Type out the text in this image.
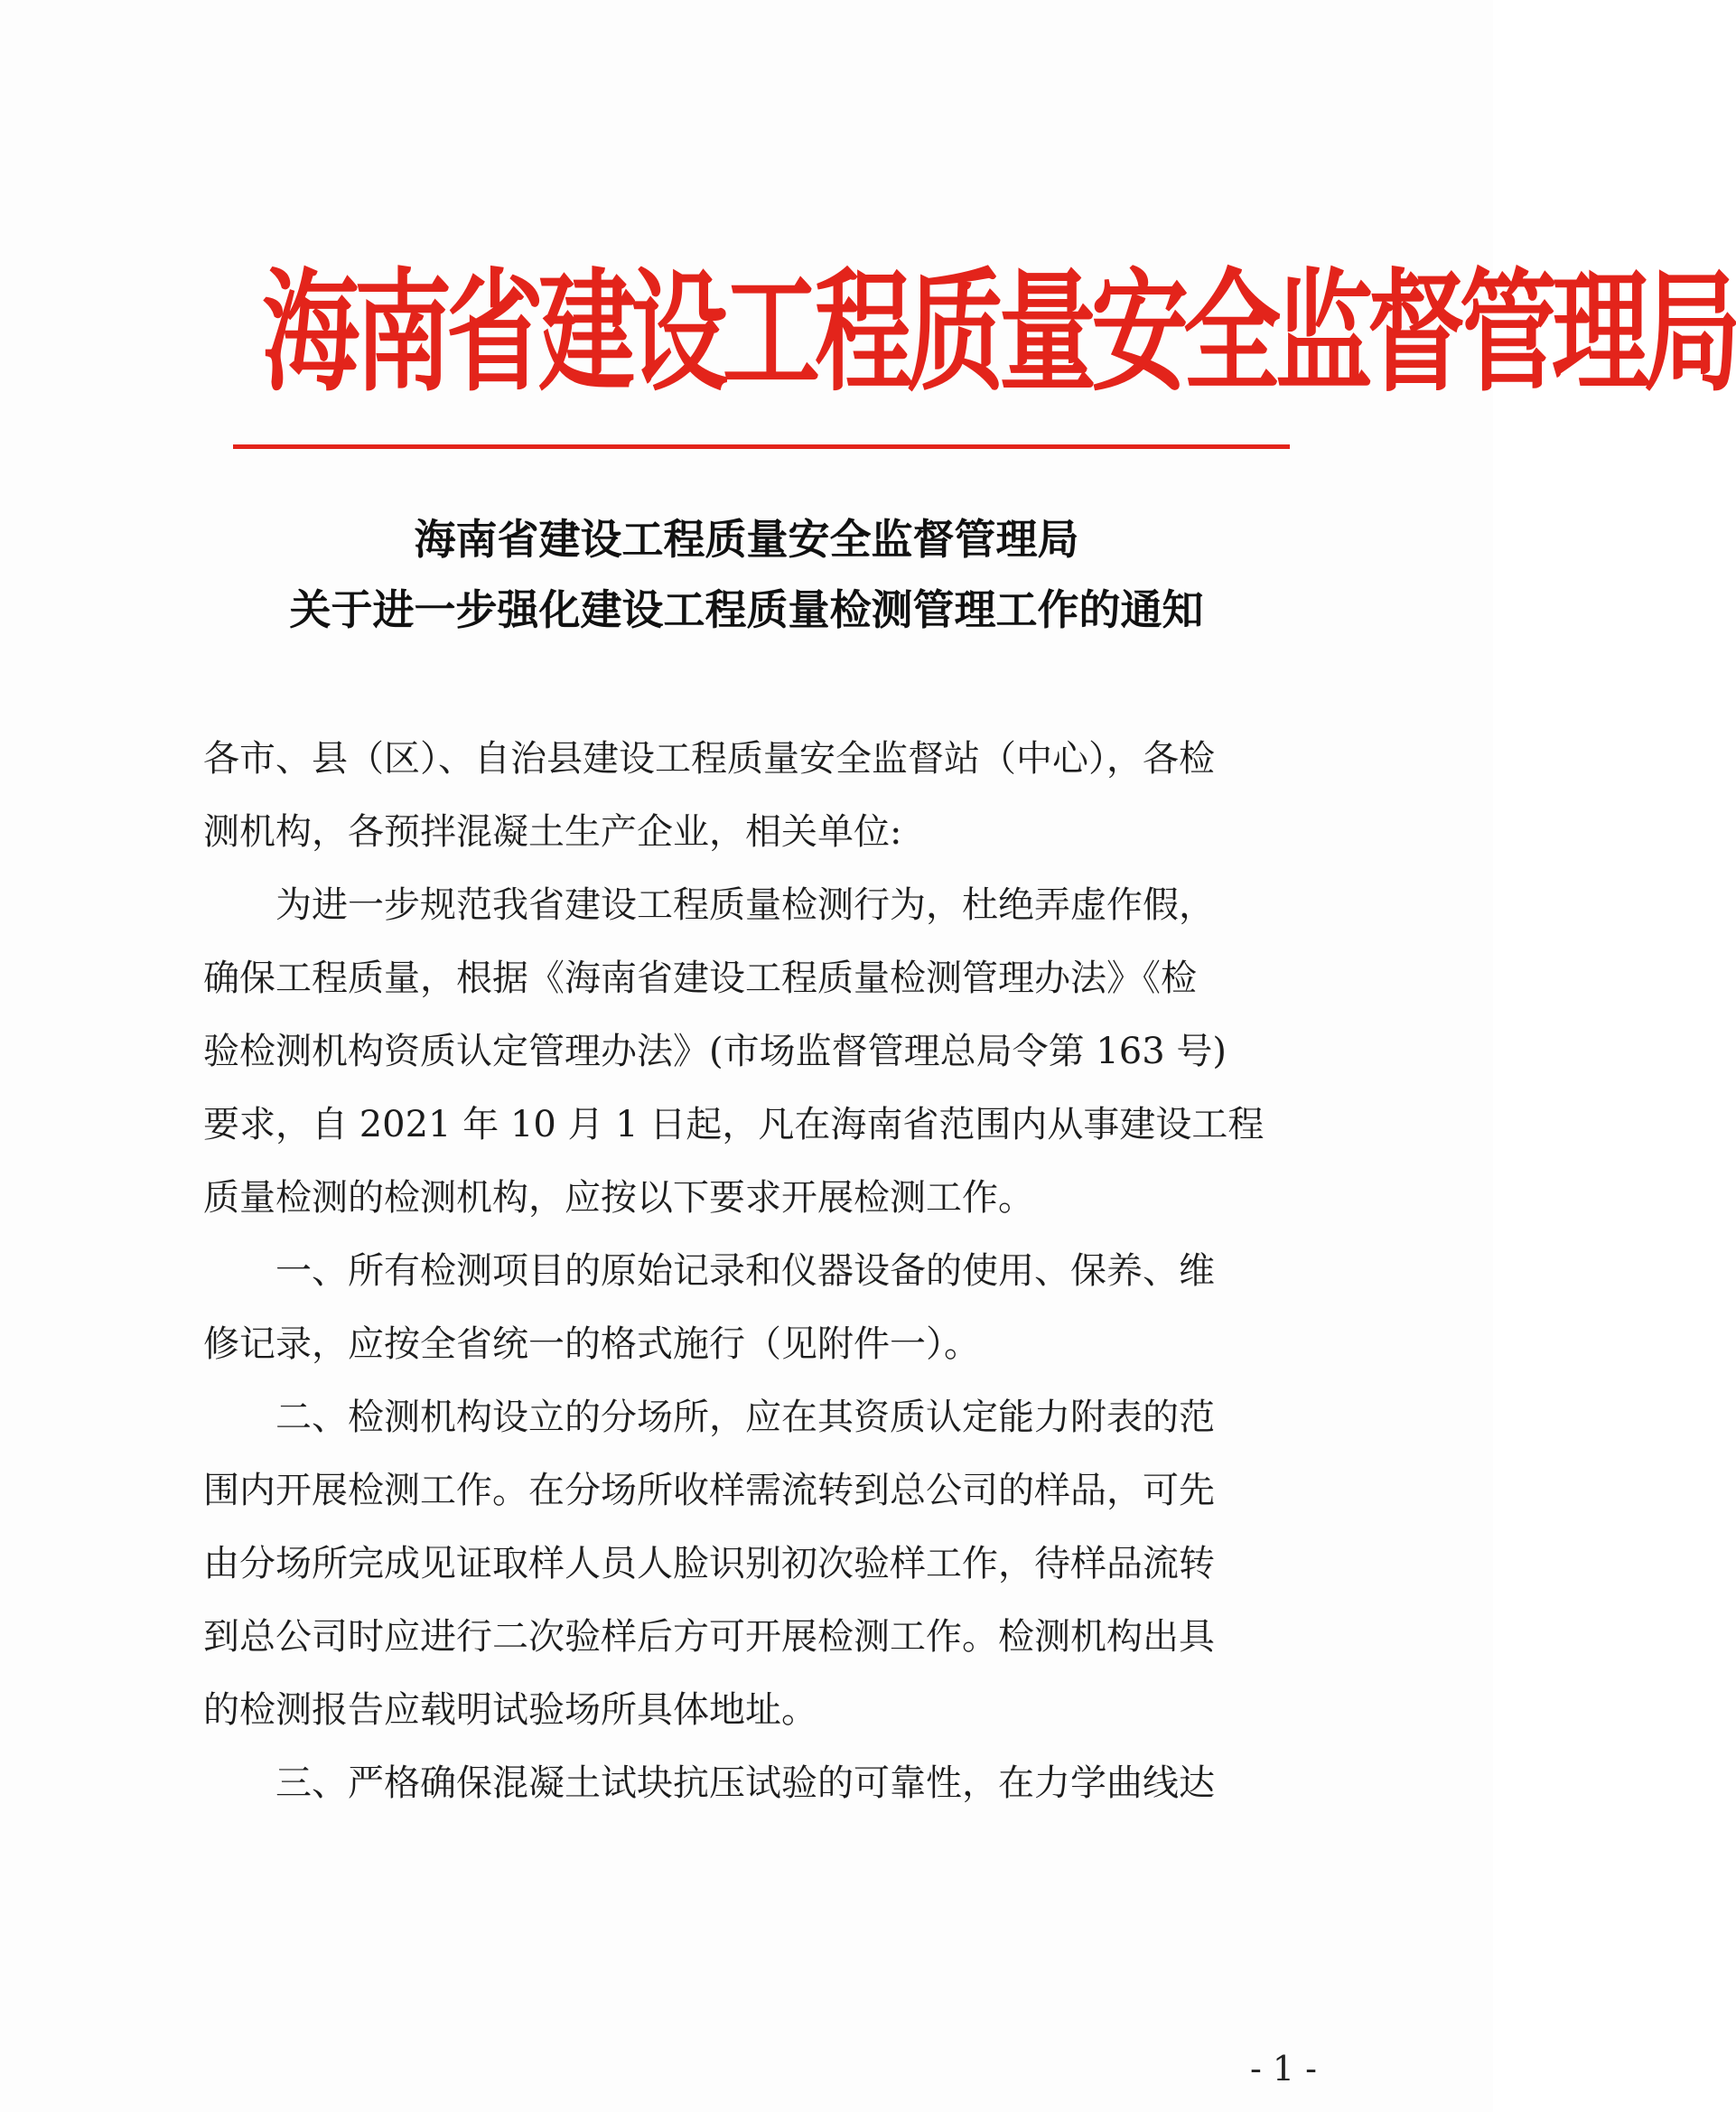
海南省建设工程质量安全监督管理局
海南省建设工程质量安全监督管理局
关于进一步强化建设工程质量检测管理工作的通知
各市、县（区）、自治县建设工程质量安全监督站（中心），各检
测机构，各预拌混凝土生产企业，相关单位:
　　为进一步规范我省建设工程质量检测行为，杜绝弄虚作假，
确保工程质量，根据《海南省建设工程质量检测管理办法》《检
验检测机构资质认定管理办法》(市场监督管理总局令第 163 号)
要求，自 2021 年 10 月 1 日起，凡在海南省范围内从事建设工程
质量检测的检测机构，应按以下要求开展检测工作。
　　一、所有检测项目的原始记录和仪器设备的使用、保养、维
修记录，应按全省统一的格式施行（见附件一）。
　　二、检测机构设立的分场所，应在其资质认定能力附表的范
围内开展检测工作。在分场所收样需流转到总公司的样品，可先
由分场所完成见证取样人员人脸识别初次验样工作，待样品流转
到总公司时应进行二次验样后方可开展检测工作。检测机构出具
的检测报告应载明试验场所具体地址。
　　三、严格确保混凝土试块抗压试验的可靠性，在力学曲线达
- 1 -
